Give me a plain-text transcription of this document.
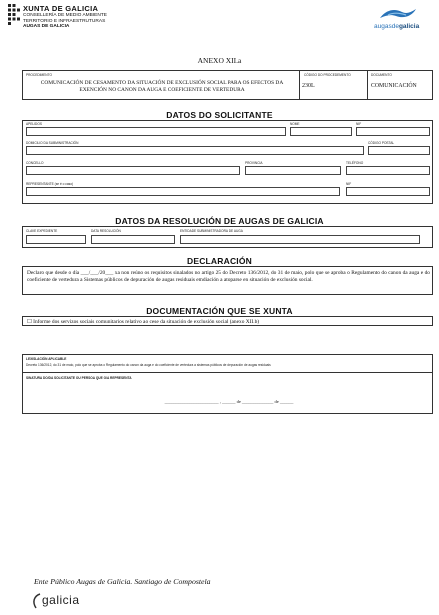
XUNTA DE GALICIA
CONSELLERÍA DE MEDIO AMBIENTE
TERRITORIO E INFRAESTRUTURAS
AUGAS DE GALICIA	augasdegalicia
ANEXO XII.a
PROCEDIMENTO
COMUNICACIÓN DE CESAMENTO DA SITUACIÓN DE EXCLUSIÓN SOCIAL PARA OS EFECTOS DA EXENCIÓN NO CANON DA AUGA E COEFICIENTE DE VERTEDURA
CÓDIGO DO PROCEDEMENTO
230L
DOCUMENTO
COMUNICACIÓN
DATOS DO SOLICITANTE
APELIDOS	NOME	NIF
DOMICILIO DA SUBMINISTRACIÓN	CÓDIGO POSTAL
CONCELLO	PROVINCIA	TELÉFONO
REPRESENTANTE (se é o caso)	NIF
DATOS DA RESOLUCIÓN DE AUGAS DE GALICIA
CLAVE EXPEDIENTE	DATA RESOLUCIÓN	ENTIDADE SUBMINISTRADORA DE AUGA
DECLARACIÓN
Declaro que desde o día ___/___/20___ xa non reúno os requisitos sinalados no artigo 25 do Decreto 136/2012, do 31 de maio, polo que se aproba o Regulamento do canon da auga e do coeficiente de vertedura a Sistemas públicos de depuración de augas residuais emdiación a atoparse en situación de exclusión social.
DOCUMENTACIÓN QUE SE XUNTA
☐ Informe dos servizos sociais comunitarios relativo ao cese da situación de exclusión social (anexo XII.b)
LEXISLACIÓN APLICABLE
Decreto 136/2012, do 31 de maio, polo que se aproba o Regulamento do canon da auga e do coeficiente de vertedura a sistemas públicos de depuración de augas residuais
SINATURA DO/DA SOLICITANTE OU PERSOA QUE O/A REPRESENTA
________________________ , ______ de ______________ de ______
Ente Público Augas de Galicia. Santiago de Compostela
galicia
